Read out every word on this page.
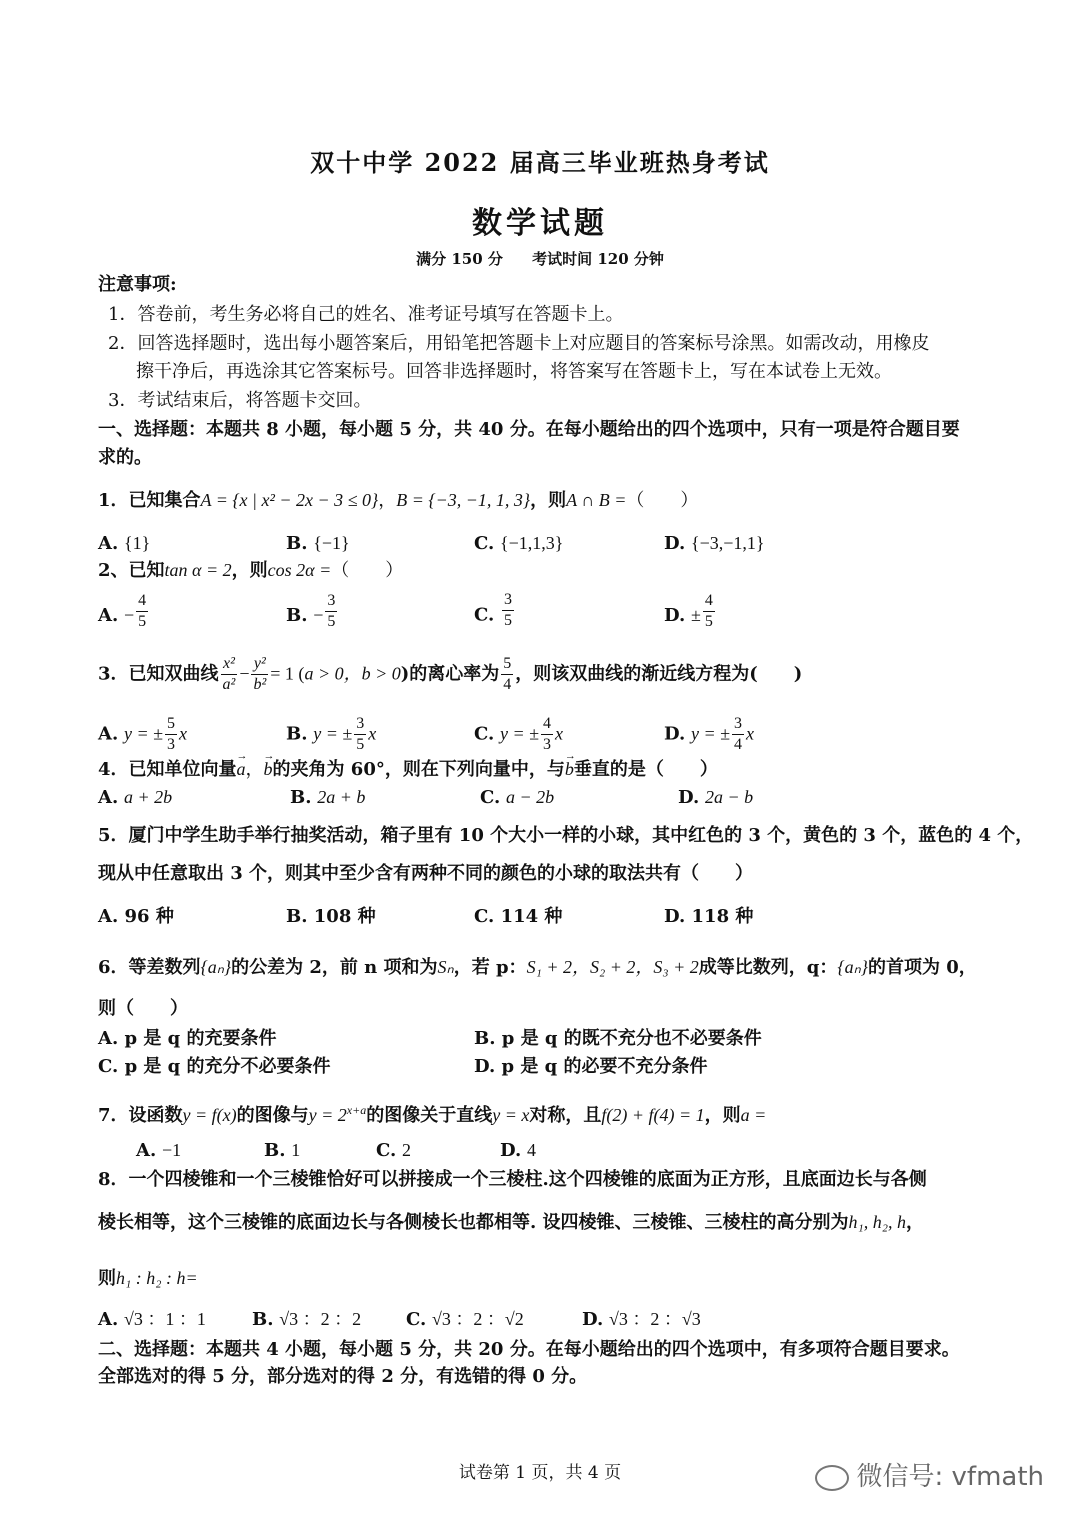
双十中学 2022 届高三毕业班热身考试
数学试题
满分 150 分 考试时间 120 分钟
注意事项:
1．答卷前，考生务必将自己的姓名、准考证号填写在答题卡上。
2．回答选择题时，选出每小题答案后，用铅笔把答题卡上对应题目的答案标号涂黑。如需改动，用橡皮
擦干净后，再选涂其它答案标号。回答非选择题时，将答案写在答题卡上，写在本试卷上无效。
3．考试结束后，将答题卡交回。
一、选择题：本题共 8 小题，每小题 5 分，共 40 分。在每小题给出的四个选项中，只有一项是符合题目要
求的。
1．已知集合A = {x | x² − 2x − 3 ≤ 0}，B = {−3, −1, 1, 3}，则A ∩ B =（　　）
A. {1}	B. {−1}	C. {−1,1,3}	D. {−3,−1,1}
2、已知tan α = 2，则cos 2α =（　　）
A. − $\frac{4}{5}$	B. − $\frac{3}{5}$	C. $\frac{3}{5}$	D. ± $\frac{4}{5}$
3．已知双曲线 $\frac{\text{x²}}{\text{a²}} - \frac{\text{y²}}{\text{b²}} = 1$ (a > 0，b > 0)的离心率为 $\frac{5}{4}$ ，则该双曲线的渐近线方程为(　　)
A. y = ± $\frac{5}{3}$ x	B. y = ± $\frac{3}{5}$ x	C. y = ± $\frac{4}{3}$ x	D. y = ± $\frac{3}{4}$ x
4．已知单位向量→ a，→ b的夹角为 60°，则在下列向量中，与→ b垂直的是（　　）
A. a + 2b	B. 2a + b	C. a − 2b	D. 2a − b
5．厦门中学生助手举行抽奖活动，箱子里有 10 个大小一样的小球，其中红色的 3 个，黄色的 3 个，蓝色的 4 个，
现从中任意取出 3 个，则其中至少含有两种不同的颜色的小球的取法共有（　　）
A. 96 种	B. 108 种	C. 114 种	D. 118 种
6．等差数列{aₙ}的公差为 2，前 n 项和为Sₙ，若 p：S₁ + 2，S₂ + 2，S₃ + 2成等比数列，q：{aₙ}的首项为 0，
则（　　）
A. p 是 q 的充要条件	B. p 是 q 的既不充分也不必要条件
C. p 是 q 的充分不必要条件	D. p 是 q 的必要不充分条件
7．设函数y = f(x)的图像与$y = 2^{x+a}$的图像关于直线y = x对称，且f(2) + f(4) = 1，则a =
A. −1	B. 1	C. 2	D. 4
8．一个四棱锥和一个三棱锥恰好可以拼接成一个三棱柱.这个四棱锥的底面为正方形，且底面边长与各侧
棱长相等，这个三棱锥的底面边长与各侧棱长也都相等. 设四棱锥、三棱锥、三棱柱的高分别为h₁, h₂, h，
则h₁ : h₂ : h=
A. √3 ：1 ：1	B. √3 ：2 ：2 C. √3 ：2 ：√2	D. √3 ：2 ：√3
二、选择题：本题共 4 小题，每小题 5 分，共 20 分。在每小题给出的四个选项中，有多项符合题目要求。
全部选对的得 5 分，部分选对的得 2 分，有选错的得 0 分。
试卷第 1 页，共 4 页	微信号: vfmath
